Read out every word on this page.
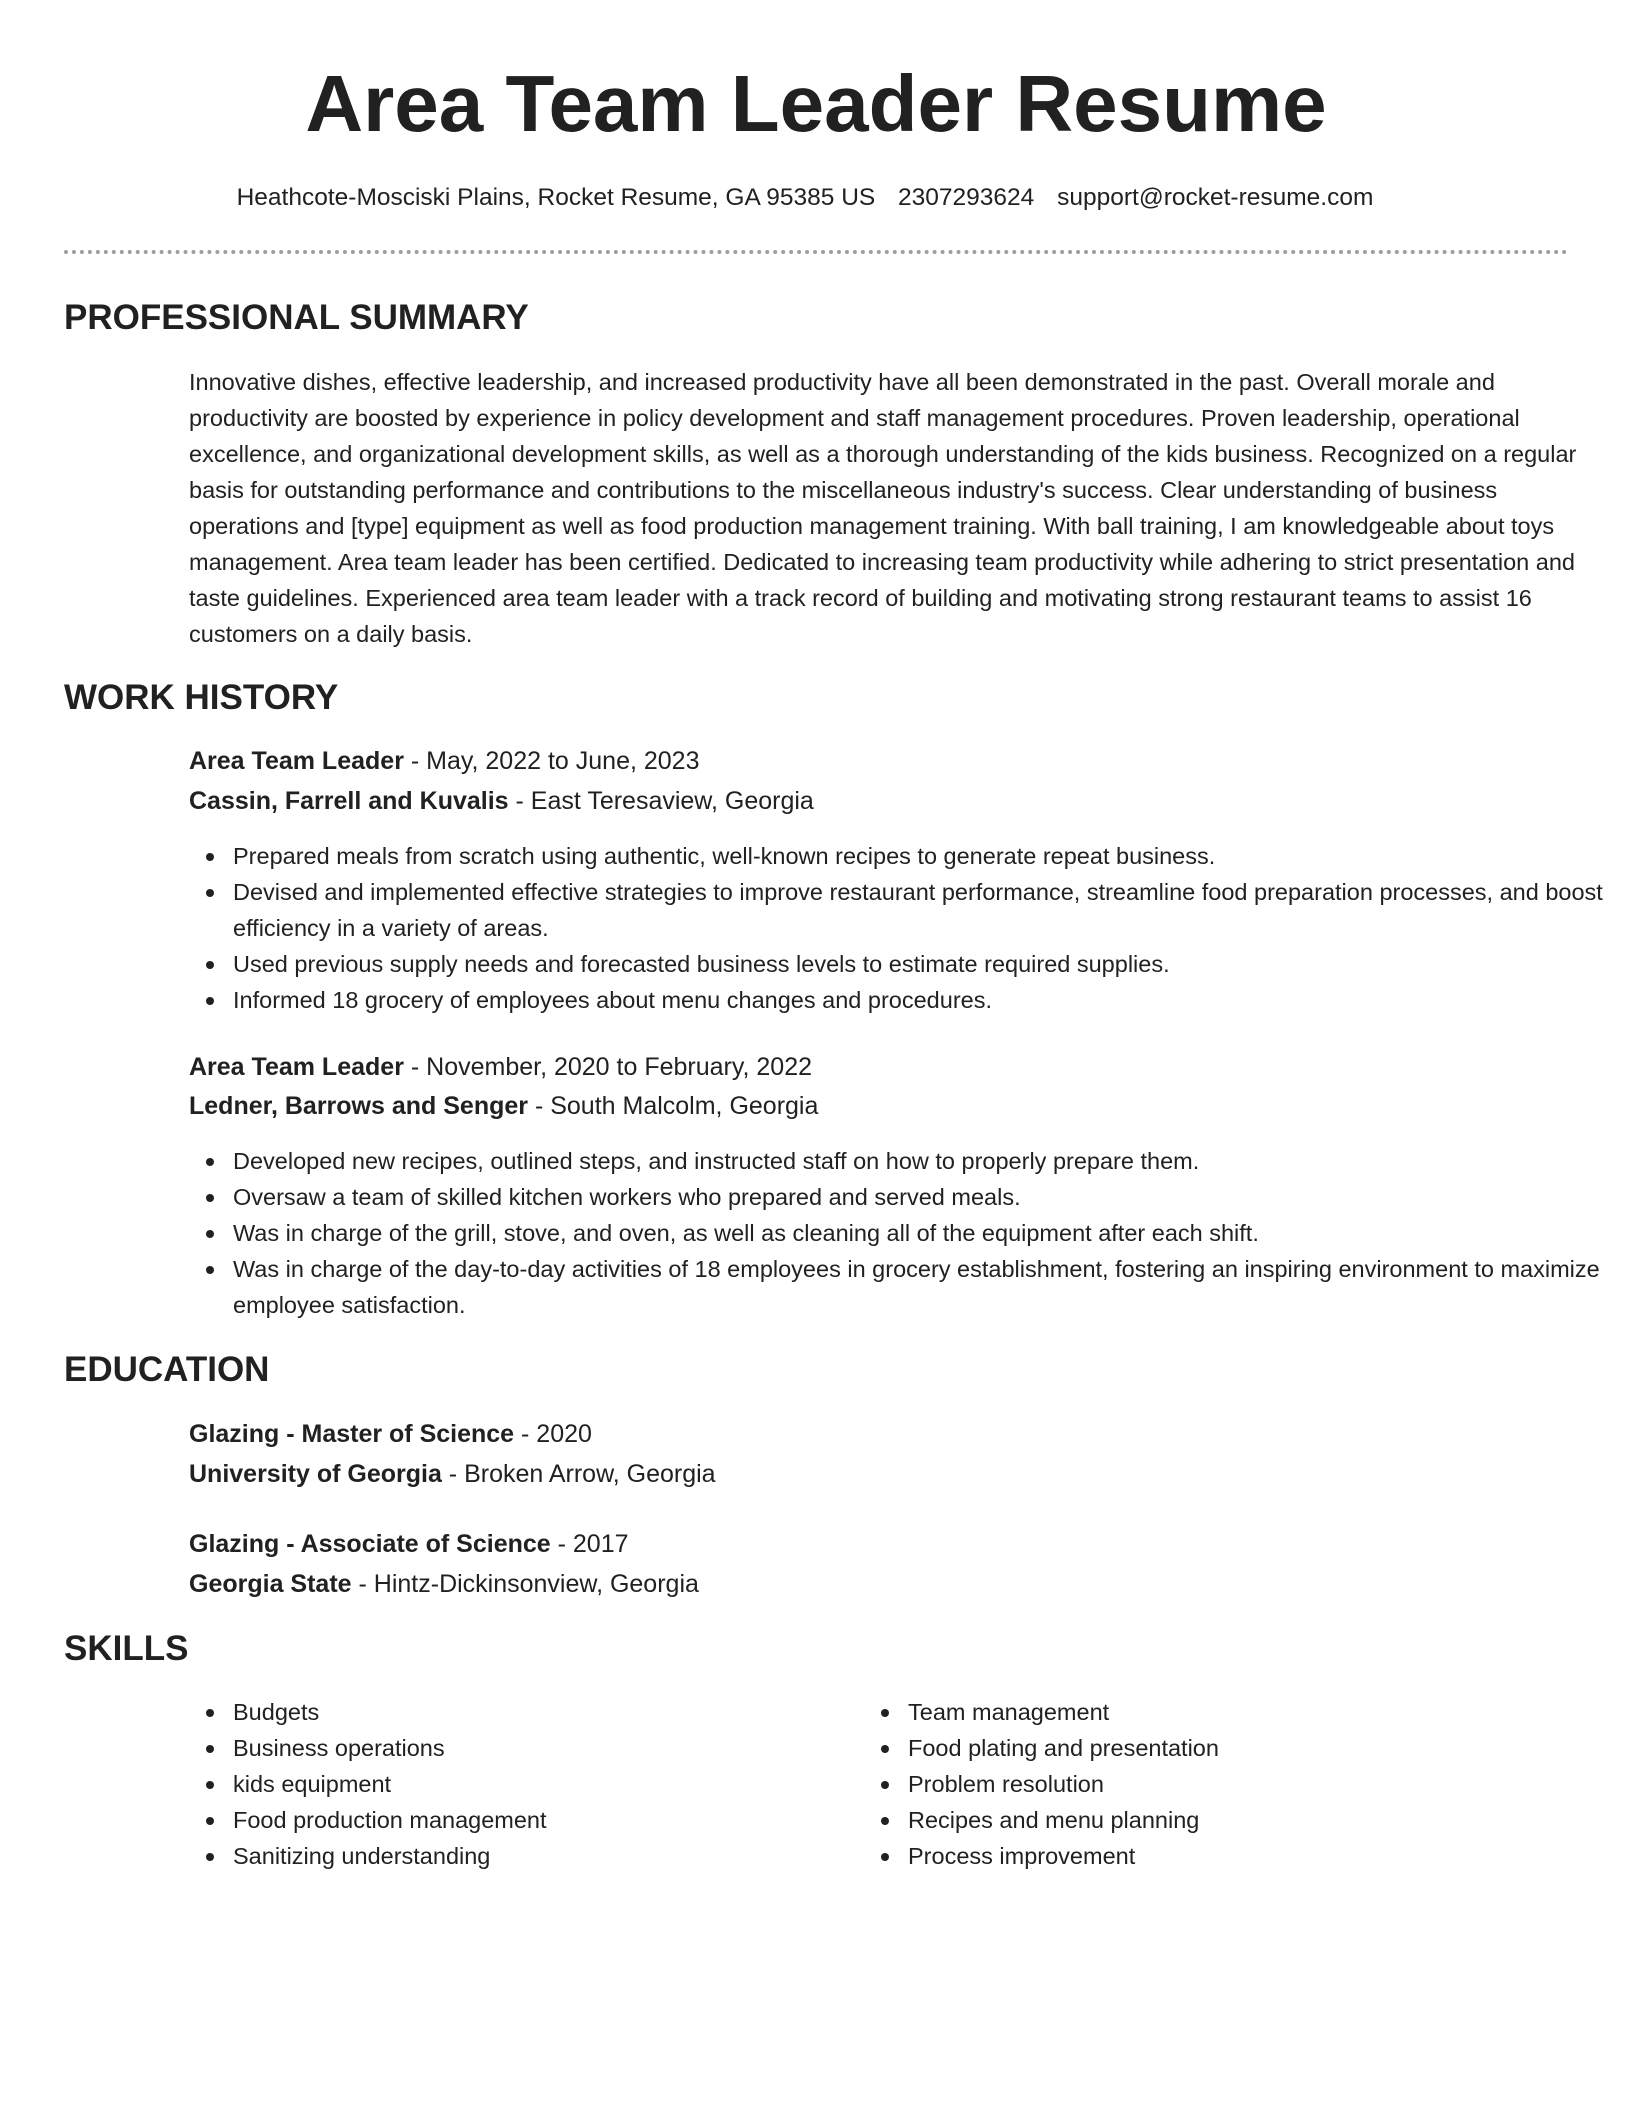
Area Team Leader Resume
Heathcote-Mosciski Plains, Rocket Resume, GA 95385 US 2307293624 support@rocket-resume.com
PROFESSIONAL SUMMARY

Innovative dishes, effective leadership, and increased productivity have all been demonstrated in the past. Overall morale and productivity are boosted by experience in policy development and staff management procedures. Proven leadership, operational excellence, and organizational development skills, as well as a thorough understanding of the kids business. Recognized on a regular basis for outstanding performance and contributions to the miscellaneous industry's success. Clear understanding of business operations and [type] equipment as well as food production management training. With ball training, I am knowledgeable about toys management. Area team leader has been certified. Dedicated to increasing team productivity while adhering to strict presentation and taste guidelines. Experienced area team leader with a track record of building and motivating strong restaurant teams to assist 16 customers on a daily basis.

WORK HISTORY
Area Team Leader - May, 2022 to June, 2023
Cassin, Farrell and Kuvalis - East Teresaview, Georgia
Prepared meals from scratch using authentic, well-known recipes to generate repeat business.
Devised and implemented effective strategies to improve restaurant performance, streamline food preparation processes, and boost efficiency in a variety of areas.
Used previous supply needs and forecasted business levels to estimate required supplies.
Informed 18 grocery of employees about menu changes and procedures.
Area Team Leader - November, 2020 to February, 2022
Ledner, Barrows and Senger - South Malcolm, Georgia
Developed new recipes, outlined steps, and instructed staff on how to properly prepare them.
Oversaw a team of skilled kitchen workers who prepared and served meals.
Was in charge of the grill, stove, and oven, as well as cleaning all of the equipment after each shift.
Was in charge of the day-to-day activities of 18 employees in grocery establishment, fostering an inspiring environment to maximize employee satisfaction.
EDUCATION
Glazing - Master of Science - 2020
University of Georgia - Broken Arrow, Georgia
Glazing - Associate of Science - 2017
Georgia State - Hintz-Dickinsonview, Georgia
SKILLS
Budgets
Business operations
kids equipment
Food production management
Sanitizing understanding
Team management
Food plating and presentation
Problem resolution
Recipes and menu planning
Process improvement
